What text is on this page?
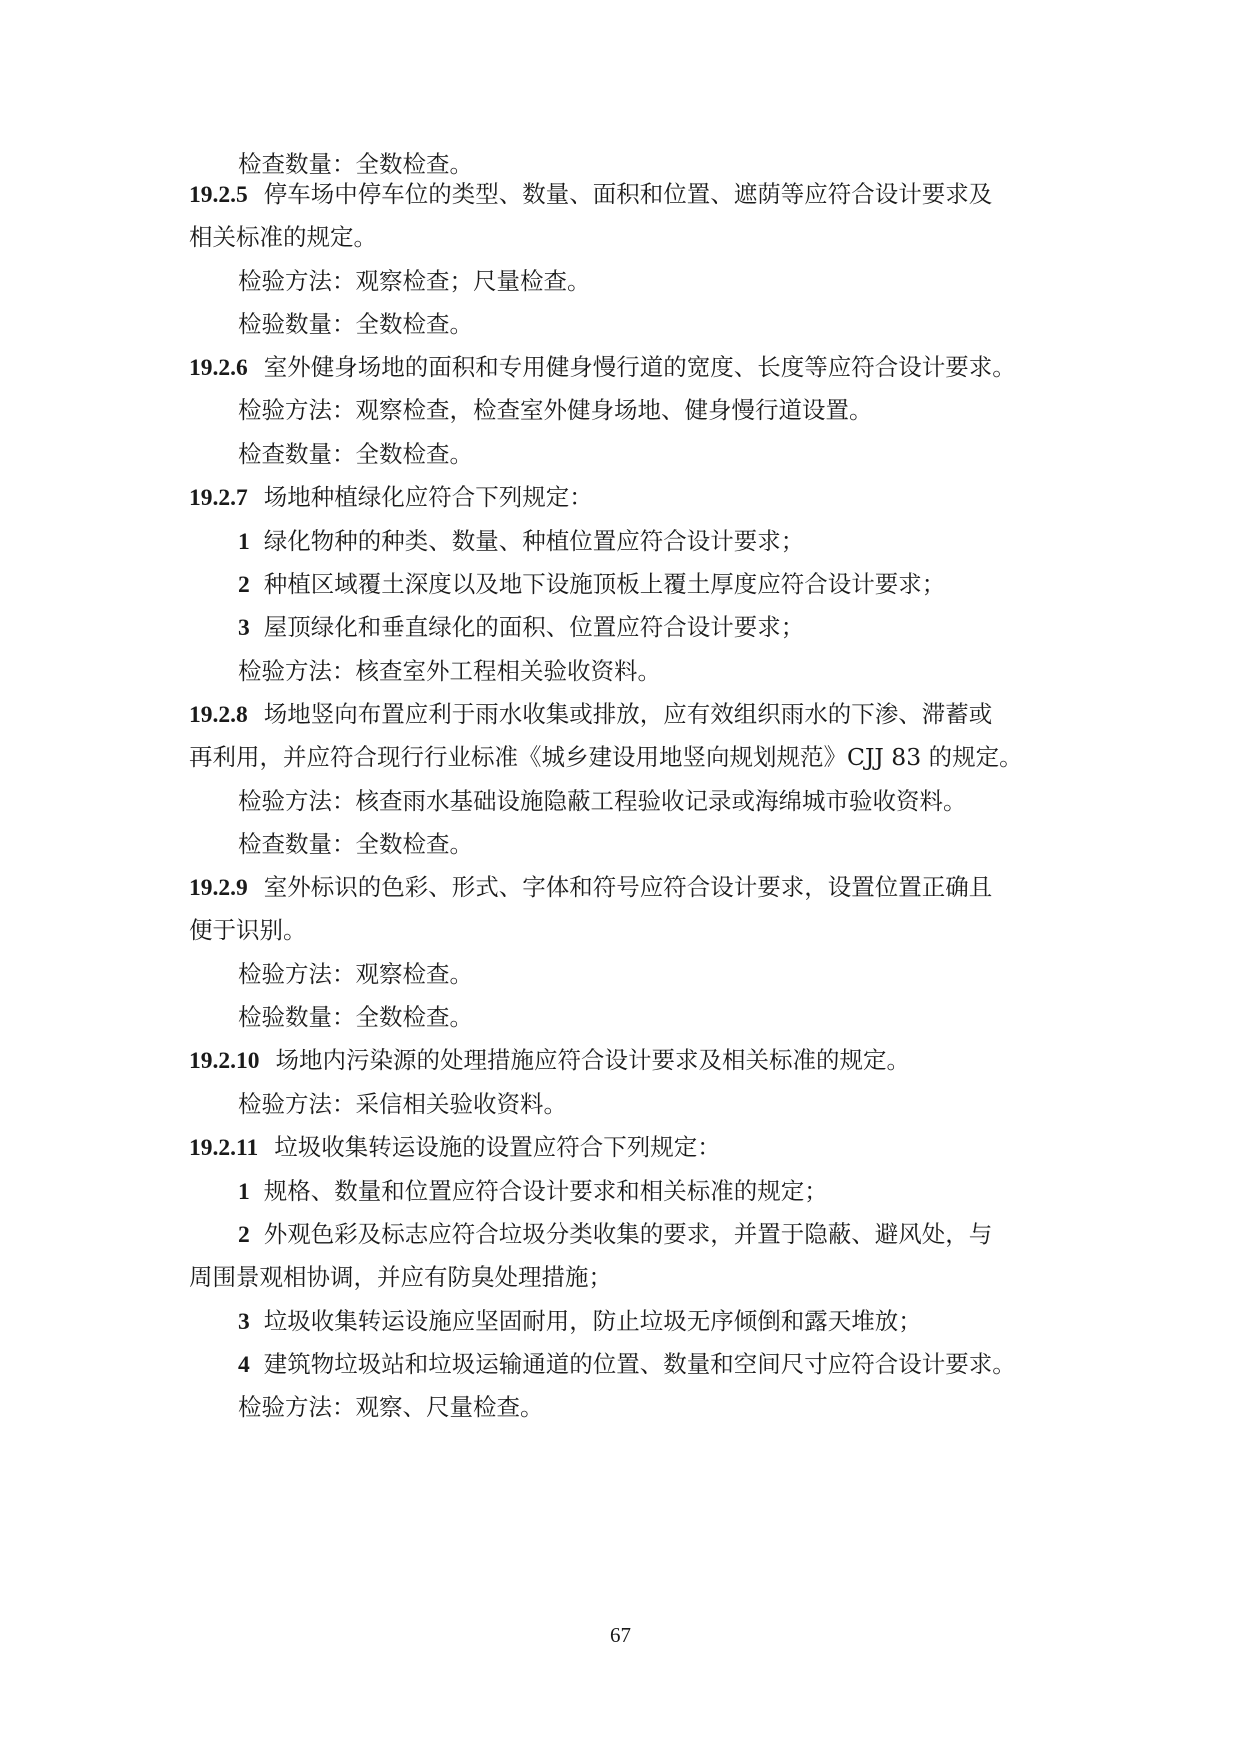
检查数量：全数检查。
19.2.5 停车场中停车位的类型、数量、面积和位置、遮荫等应符合设计要求及
相关标准的规定。
检验方法：观察检查；尺量检查。
检验数量：全数检查。
19.2.6 室外健身场地的面积和专用健身慢行道的宽度、长度等应符合设计要求。
检验方法：观察检查，检查室外健身场地、健身慢行道设置。
检查数量：全数检查。
19.2.7 场地种植绿化应符合下列规定：
1 绿化物种的种类、数量、种植位置应符合设计要求；
2 种植区域覆土深度以及地下设施顶板上覆土厚度应符合设计要求；
3 屋顶绿化和垂直绿化的面积、位置应符合设计要求；
检验方法：核查室外工程相关验收资料。
19.2.8 场地竖向布置应利于雨水收集或排放，应有效组织雨水的下渗、滞蓄或
再利用，并应符合现行行业标准《城乡建设用地竖向规划规范》CJJ 83 的规定。
检验方法：核查雨水基础设施隐蔽工程验收记录或海绵城市验收资料。
检查数量：全数检查。
19.2.9 室外标识的色彩、形式、字体和符号应符合设计要求，设置位置正确且
便于识别。
检验方法：观察检查。
检验数量：全数检查。
19.2.10 场地内污染源的处理措施应符合设计要求及相关标准的规定。
检验方法：采信相关验收资料。
19.2.11 垃圾收集转运设施的设置应符合下列规定：
1 规格、数量和位置应符合设计要求和相关标准的规定；
2 外观色彩及标志应符合垃圾分类收集的要求，并置于隐蔽、避风处，与
周围景观相协调，并应有防臭处理措施；
3 垃圾收集转运设施应坚固耐用，防止垃圾无序倾倒和露天堆放；
4 建筑物垃圾站和垃圾运输通道的位置、数量和空间尺寸应符合设计要求。
检验方法：观察、尺量检查。
67
